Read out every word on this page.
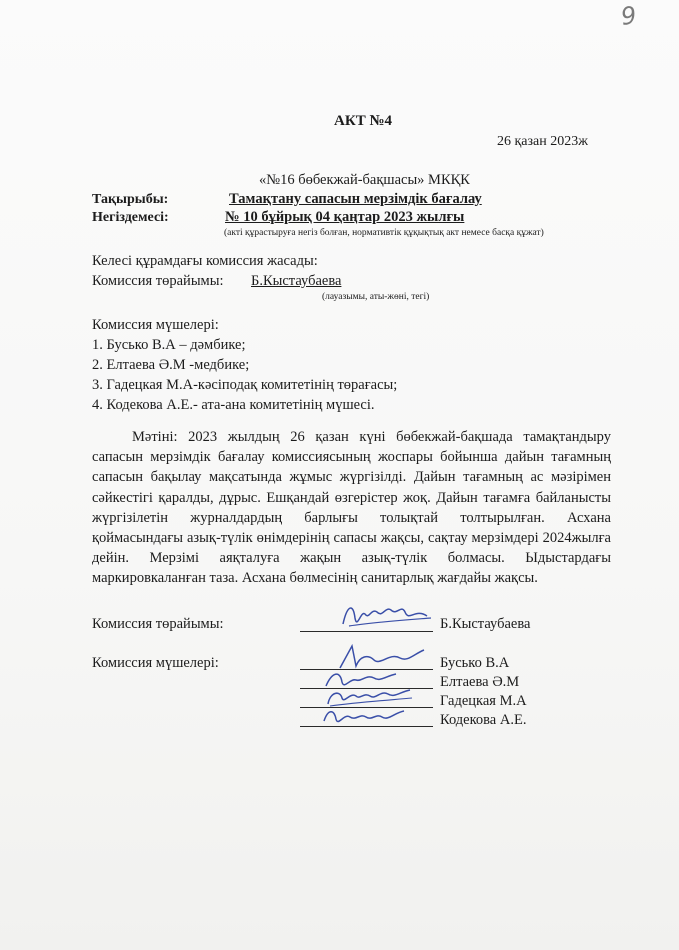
9
АКТ №4
26 қазан 2023ж
«№16 бөбекжай-бақшасы» МКҚК
Тақырыбы:	Тамақтану сапасын мерзімдік бағалау
Негіздемесі:	№ 10 бұйрық 04 қаңтар 2023 жылғы
(акті құрастыруға негіз болған, нормативтік құқықтық акт немесе басқа құжат)
Келесі құрамдағы комиссия жасады:
Комиссия төрайымы: Б.Кыстаубаева
(лауазымы, аты-жөні, тегі)
Комиссия мүшелері:
1. Бусько В.А – дәмбике;
2. Елтаева Ә.М -медбике;
3. Гадецкая М.А-кәсіподақ комитетінің төрағасы;
4. Кодекова А.Е.- ата-ана комитетінің мүшесі.
Мәтіні: 2023 жылдың 26 қазан күні бөбекжай-бақшада тамақтандыру сапасын мерзімдік бағалау комиссиясының жоспары бойынша дайын тағамның сапасын бақылау мақсатында жұмыс жүргізілді. Дайын тағамның ас мәзірімен сәйкестігі қаралды, дұрыс. Ешқандай өзгерістер жоқ. Дайын тағамға байланысты жүргізілетін журналдардың барлығы толықтай толтырылған. Асхана қоймасындағы азық-түлік өнімдерінің сапасы жақсы, сақтау мерзімдері 2024жылға дейін. Мерзімі аяқталуға жақын азық-түлік болмасы. Ыдыстардағы маркировкаланған таза. Асхана бөлмесінің санитарлық жағдайы жақсы.
Комиссия төрайымы:	Б.Кыстаубаева
Комиссия мүшелері:	Бусько В.А
Елтаева Ә.М
Гадецкая М.А
Кодекова А.Е.
